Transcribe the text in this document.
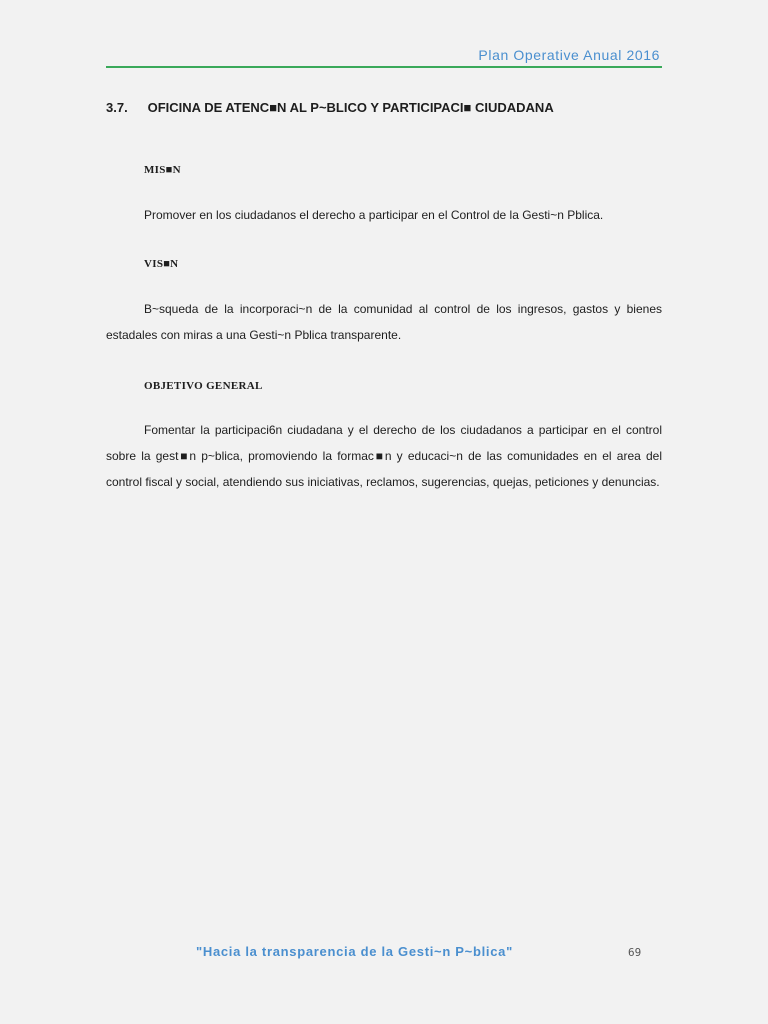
Plan Operative Anual 2016
3.7. OFICINA DE ATENC■N AL P~BLICO Y PARTICIPACI■ CIUDADANA
MIS■N
Promover en los ciudadanos el derecho a participar en el Control de la Gesti~n Pblica.
VIS■N
B~squeda de la incorporaci~n de la comunidad al control de los ingresos, gastos y bienes estadales con miras a una Gesti~n Pblica transparente.
OBJETIVO GENERAL
Fomentar la participaci6n ciudadana y el derecho de los ciudadanos a participar en el control sobre la gest■n p~blica, promoviendo la formac■n y educaci~n de las comunidades en el area del control fiscal y social, atendiendo sus iniciativas, reclamos, sugerencias, quejas, peticiones y denuncias.
"Hacia la transparencia de la Gesti~n P~blica"	69
